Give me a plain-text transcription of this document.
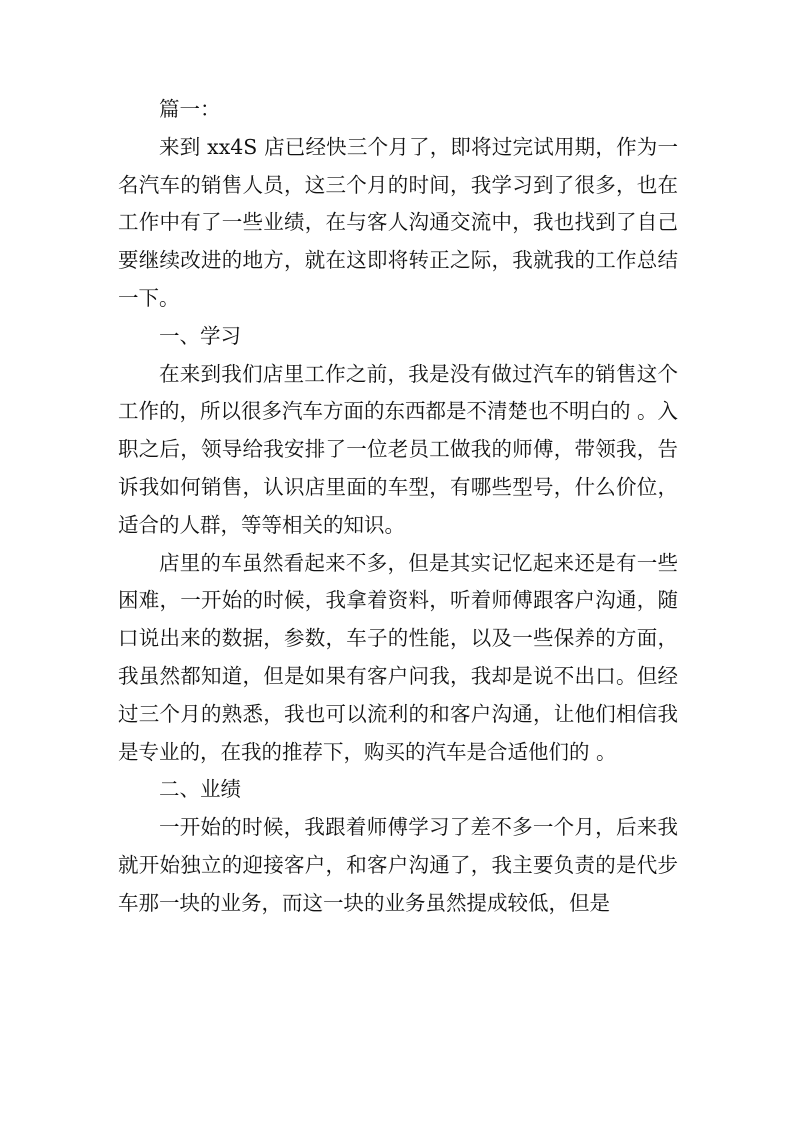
篇一：

来到 xx4S 店已经快三个月了，即将过完试用期，作为一名汽车的销售人员，这三个月的时间，我学习到了很多，也在工作中有了一些业绩，在与客人沟通交流中，我也找到了自己要继续改进的地方，就在这即将转正之际，我就我的工作总结一下。

一、学习

在来到我们店里工作之前，我是没有做过汽车的销售这个工作的，所以很多汽车方面的东西都是不清楚也不明白的 。入职之后，领导给我安排了一位老员工做我的师傅，带领我，告诉我如何销售，认识店里面的车型，有哪些型号，什么价位，适合的人群，等等相关的知识。

店里的车虽然看起来不多，但是其实记忆起来还是有一些困难，一开始的时候，我拿着资料，听着师傅跟客户沟通，随口说出来的数据，参数，车子的性能，以及一些保养的方面，我虽然都知道，但是如果有客户问我，我却是说不出口。但经过三个月的熟悉，我也可以流利的和客户沟通，让他们相信我是专业的，在我的推荐下，购买的汽车是合适他们的 。

二、业绩

一开始的时候，我跟着师傅学习了差不多一个月，后来我就开始独立的迎接客户，和客户沟通了，我主要负责的是代步车那一块的业务，而这一块的业务虽然提成较低，但是
